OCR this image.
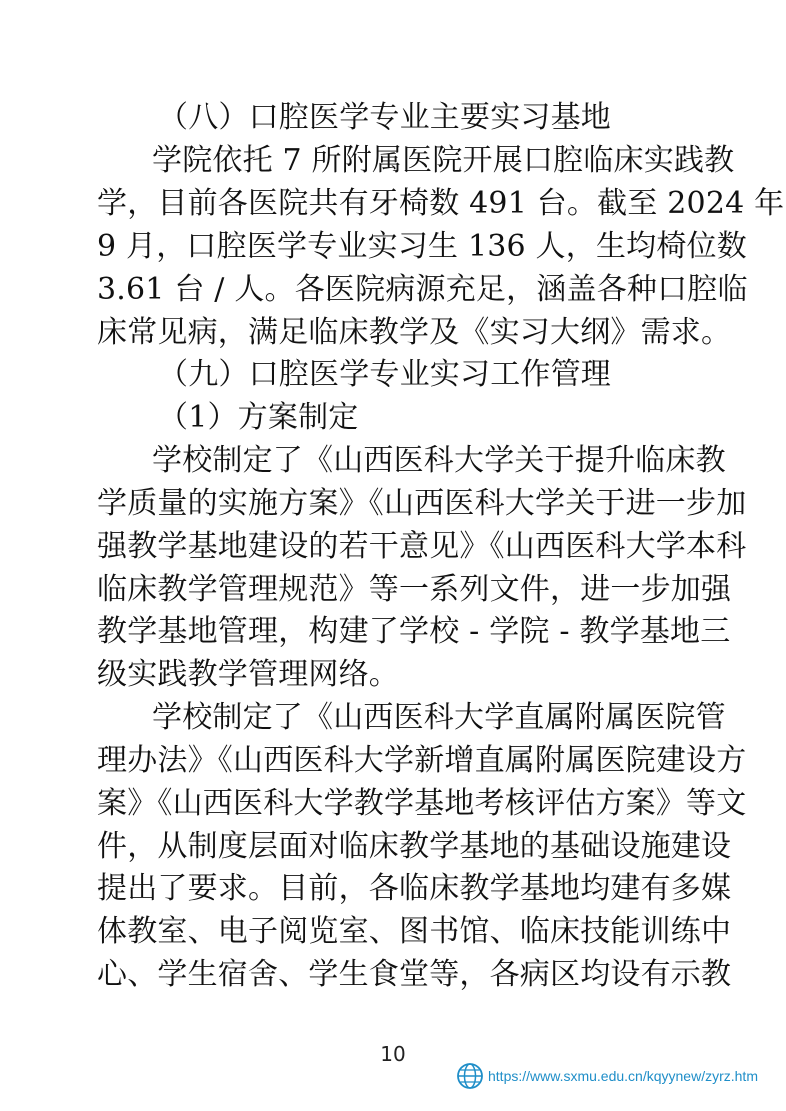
（八）口腔医学专业主要实习基地

学院依托 7 所附属医院开展口腔临床实践教

学，目前各医院共有牙椅数 491 台。截至 2024 年

9 月，口腔医学专业实习生 136 人，生均椅位数

3.61 台 / 人。各医院病源充足，涵盖各种口腔临

床常见病，满足临床教学及《实习大纲》需求。

（九）口腔医学专业实习工作管理

（1）方案制定

学校制定了《山西医科大学关于提升临床教

学质量的实施方案》《山西医科大学关于进一步加

强教学基地建设的若干意见》《山西医科大学本科

临床教学管理规范》等一系列文件，进一步加强

教学基地管理，构建了学校 - 学院 - 教学基地三

级实践教学管理网络。

学校制定了《山西医科大学直属附属医院管

理办法》《山西医科大学新增直属附属医院建设方

案》《山西医科大学教学基地考核评估方案》等文

件，从制度层面对临床教学基地的基础设施建设

提出了要求。目前，各临床教学基地均建有多媒

体教室、电子阅览室、图书馆、临床技能训练中

心、学生宿舍、学生食堂等，各病区均设有示教

10
https://www.sxmu.edu.cn/kqyynew/zyrz.htm
